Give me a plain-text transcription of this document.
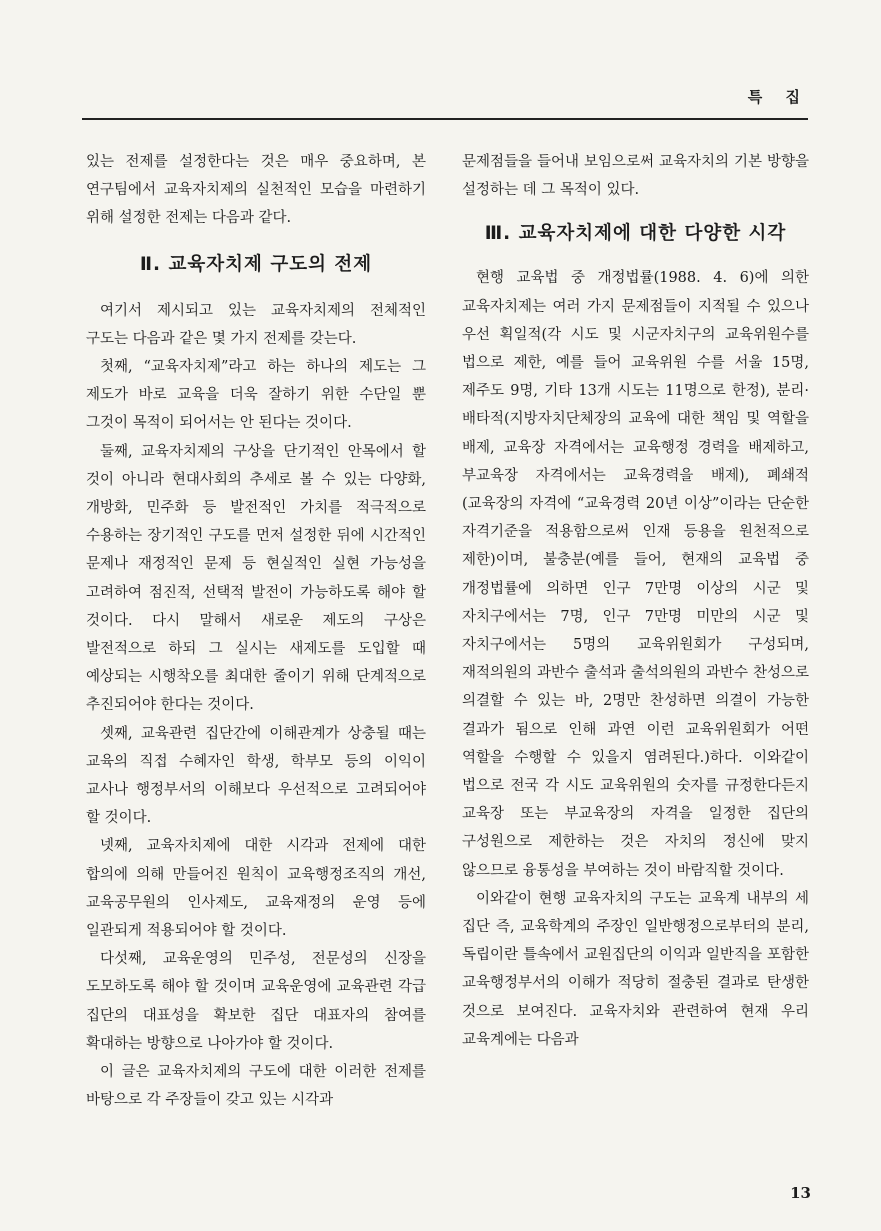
특 집

있는 전제를 설정한다는 것은 매우 중요하며, 본 연구팀에서 교육자치제의 실천적인 모습을 마련하기 위해 설정한 전제는 다음과 같다.

Ⅱ. 교육자치제 구도의 전제

여기서 제시되고 있는 교육자치제의 전체적인 구도는 다음과 같은 몇 가지 전제를 갖는다.

첫째, “교육자치제”라고 하는 하나의 제도는 그 제도가 바로 교육을 더욱 잘하기 위한 수단일 뿐 그것이 목적이 되어서는 안 된다는 것이다.

둘째, 교육자치제의 구상을 단기적인 안목에서 할 것이 아니라 현대사회의 추세로 볼 수 있는 다양화, 개방화, 민주화 등 발전적인 가치를 적극적으로 수용하는 장기적인 구도를 먼저 설정한 뒤에 시간적인 문제나 재정적인 문제 등 현실적인 실현 가능성을 고려하여 점진적, 선택적 발전이 가능하도록 해야 할 것이다. 다시 말해서 새로운 제도의 구상은 발전적으로 하되 그 실시는 새제도를 도입할 때 예상되는 시행착오를 최대한 줄이기 위해 단계적으로 추진되어야 한다는 것이다.

셋째, 교육관련 집단간에 이해관계가 상충될 때는 교육의 직접 수혜자인 학생, 학부모 등의 이익이 교사나 행정부서의 이해보다 우선적으로 고려되어야 할 것이다.

넷째, 교육자치제에 대한 시각과 전제에 대한 합의에 의해 만들어진 원칙이 교육행정조직의 개선, 교육공무원의 인사제도, 교육재정의 운영 등에 일관되게 적용되어야 할 것이다.

다섯째, 교육운영의 민주성, 전문성의 신장을 도모하도록 해야 할 것이며 교육운영에 교육관련 각급 집단의 대표성을 확보한 집단 대표자의 참여를 확대하는 방향으로 나아가야 할 것이다.

이 글은 교육자치제의 구도에 대한 이러한 전제를 바탕으로 각 주장들이 갖고 있는 시각과

문제점들을 들어내 보임으로써 교육자치의 기본 방향을 설정하는 데 그 목적이 있다.

Ⅲ. 교육자치제에 대한 다양한 시각

현행 교육법 중 개정법률(1988. 4. 6)에 의한 교육자치제는 여러 가지 문제점들이 지적될 수 있으나 우선 획일적(각 시도 및 시군자치구의 교육위원수를 법으로 제한, 예를 들어 교육위원 수를 서울 15명, 제주도 9명, 기타 13개 시도는 11명으로 한정), 분리·배타적(지방자치단체장의 교육에 대한 책임 및 역할을 배제, 교육장 자격에서는 교육행정 경력을 배제하고, 부교육장 자격에서는 교육경력을 배제), 폐쇄적(교육장의 자격에 “교육경력 20년 이상”이라는 단순한 자격기준을 적용함으로써 인재 등용을 원천적으로 제한)이며, 불충분(예를 들어, 현재의 교육법 중 개정법률에 의하면 인구 7만명 이상의 시군 및 자치구에서는 7명, 인구 7만명 미만의 시군 및 자치구에서는 5명의 교육위원회가 구성되며, 재적의원의 과반수 출석과 출석의원의 과반수 찬성으로 의결할 수 있는 바, 2명만 찬성하면 의결이 가능한 결과가 됨으로 인해 과연 이런 교육위원회가 어떤 역할을 수행할 수 있을지 염려된다.)하다. 이와같이 법으로 전국 각 시도 교육위원의 숫자를 규정한다든지 교육장 또는 부교육장의 자격을 일정한 집단의 구성원으로 제한하는 것은 자치의 정신에 맞지 않으므로 융통성을 부여하는 것이 바람직할 것이다.

이와같이 현행 교육자치의 구도는 교육계 내부의 세 집단 즉, 교육학계의 주장인 일반행정으로부터의 분리, 독립이란 틀속에서 교원집단의 이익과 일반직을 포함한 교육행정부서의 이해가 적당히 절충된 결과로 탄생한 것으로 보여진다. 교육자치와 관련하여 현재 우리 교육계에는 다음과

13
